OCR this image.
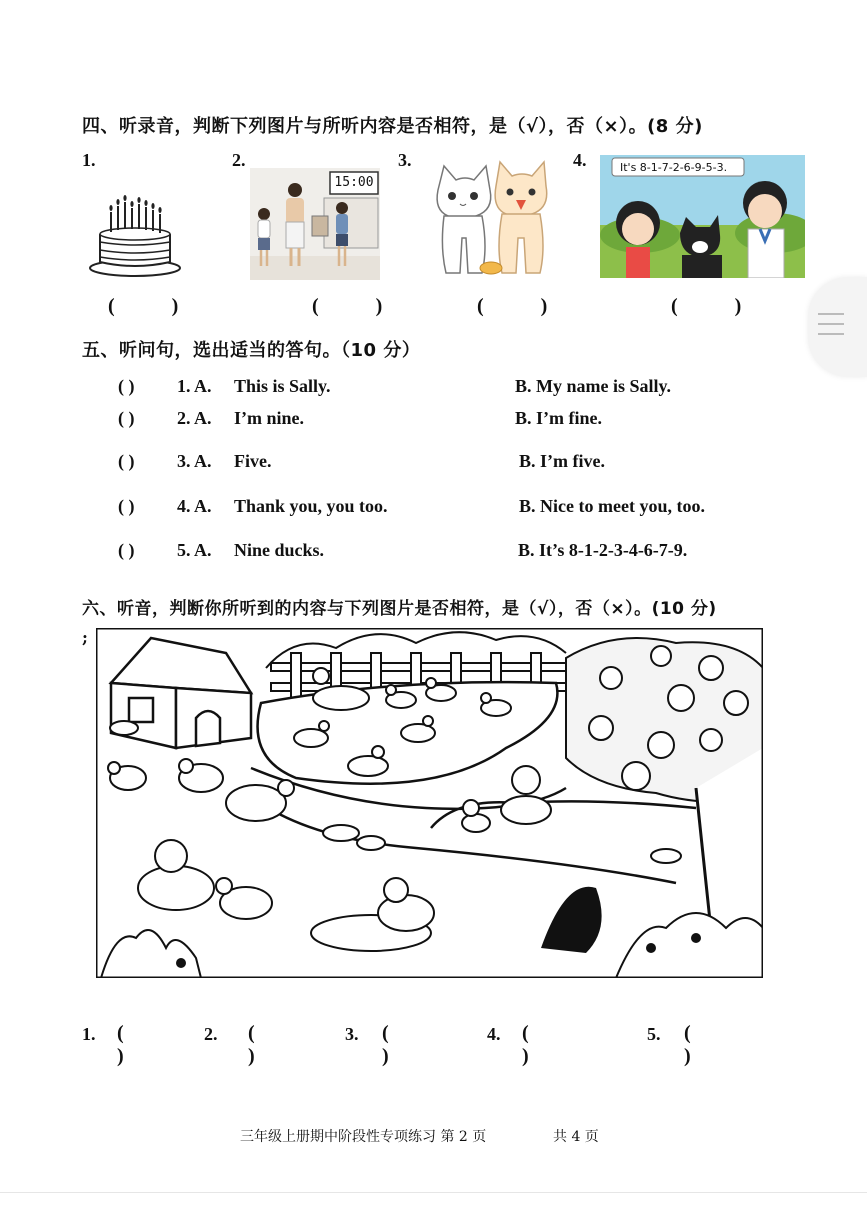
四、听录音，判断下列图片与所听内容是否相符，是（√），否（×）。(8 分)
1.	2.	3.	4.
15:00
It's 8-1-7-2-6-9-5-3.
( )	( )	( )	( )
五、听问句，选出适当的答句。（10 分）
( ) 1. A. This is Sally.	B. My name is Sally.
( ) 2. A. I’m nine.	B. I’m fine.
( ) 3. A. Five.	B. I’m five.
( ) 4. A. Thank you, you too.	B. Nice to meet you, too.
( ) 5. A. Nine ducks.	B. It’s 8-1-2-3-4-6-7-9.
六、听音，判断你所听到的内容与下列图片是否相符，是（√），否（×）。(10 分)
;
1. ( )
2. ( )
3. ( )
4. ( )
5. ( )
三年级上册期中阶段性专项练习 第 2 页	共 4 页
